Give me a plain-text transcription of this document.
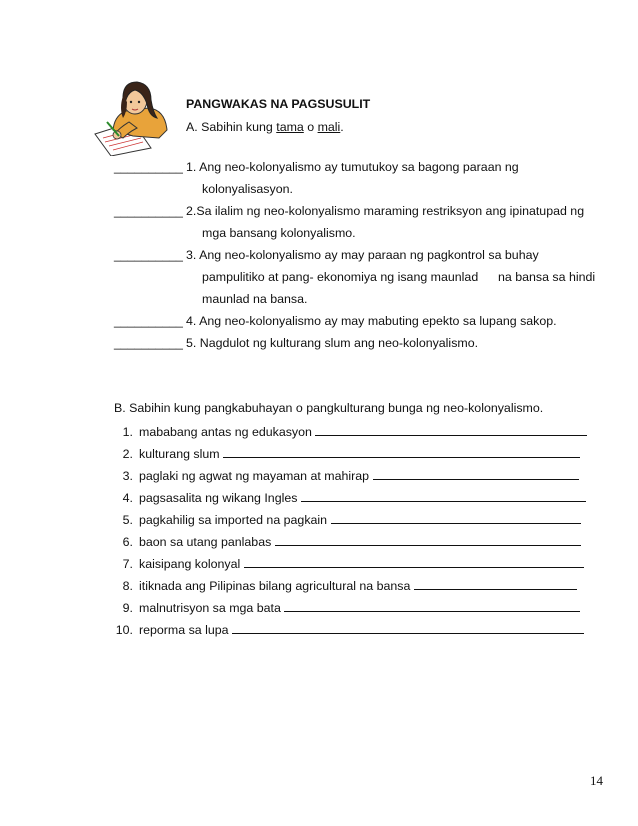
PANGWAKAS NA PAGSUSULIT
A. Sabihin kung tama o mali.
__________ 1. Ang neo-kolonyalismo ay tumutukoy sa bagong paraan ng
kolonyalisasyon.
__________ 2.Sa ilalim ng neo-kolonyalismo maraming restriksyon ang ipinatupad ng
mga bansang kolonyalismo.
__________ 3. Ang neo-kolonyalismo ay may paraan ng pagkontrol sa buhay
pampulitiko at pang- ekonomiya ng isang maunlad na bansa sa hindi
maunlad na bansa.
__________ 4. Ang neo-kolonyalismo ay may mabuting epekto sa lupang sakop.
__________ 5. Nagdulot ng kulturang slum ang neo-kolonyalismo.
B. Sabihin kung pangkabuhayan o pangkulturang bunga ng neo-kolonyalismo.
1. mababang antas ng edukasyon
2. kulturang slum
3. paglaki ng agwat ng mayaman at mahirap
4. pagsasalita ng wikang Ingles
5. pagkahilig sa imported na pagkain
6. baon sa utang panlabas
7. kaisipang kolonyal
8. itiknada ang Pilipinas bilang agricultural na bansa
9. malnutrisyon sa mga bata
10. reporma sa lupa
14
